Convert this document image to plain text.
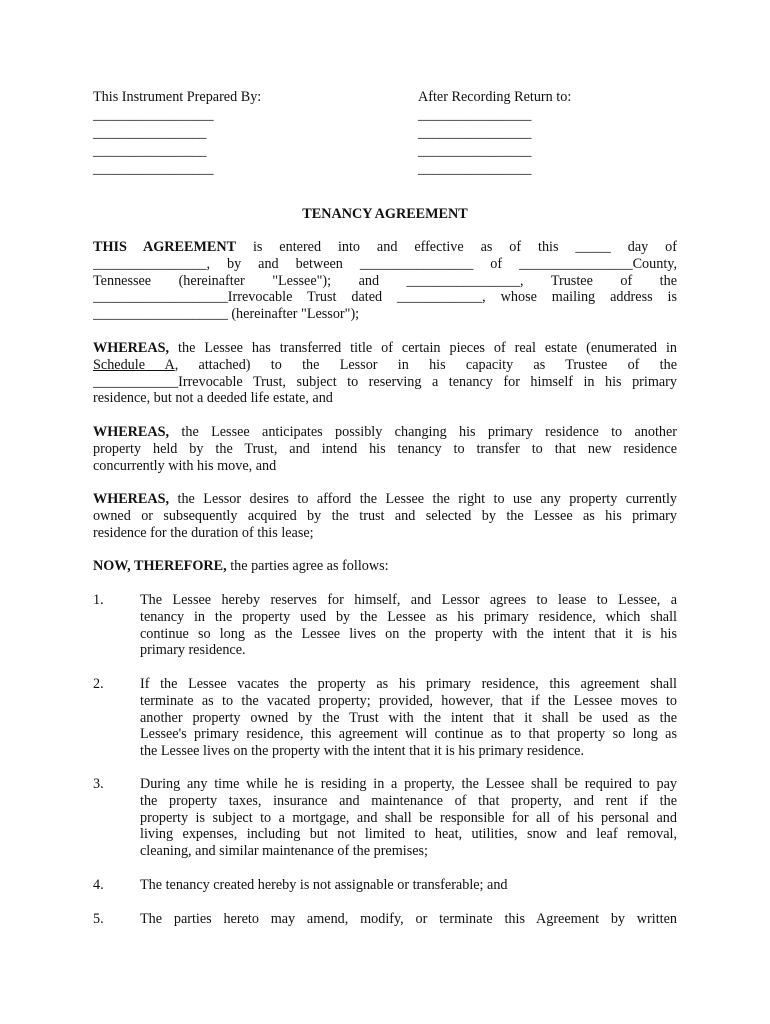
This Instrument Prepared By:
_________________
________________
________________
_________________
After Recording Return to:
________________
________________
________________
________________
TENANCY AGREEMENT
THIS AGREEMENT is entered into and effective as of this _____ day of
________________, by and between ________________ of ________________County,
Tennessee (hereinafter "Lessee"); and ________________, Trustee of the
___________________Irrevocable Trust dated ____________, whose mailing address is
___________________ (hereinafter "Lessor");
WHEREAS, the Lessee has transferred title of certain pieces of real estate (enumerated in
Schedule A, attached) to the Lessor in his capacity as Trustee of the
____________Irrevocable Trust, subject to reserving a tenancy for himself in his primary
residence, but not a deeded life estate, and
WHEREAS, the Lessee anticipates possibly changing his primary residence to another
property held by the Trust, and intend his tenancy to transfer to that new residence
concurrently with his move, and
WHEREAS, the Lessor desires to afford the Lessee the right to use any property currently
owned or subsequently acquired by the trust and selected by the Lessee as his primary
residence for the duration of this lease;
NOW, THEREFORE, the parties agree as follows:
1.	The Lessee hereby reserves for himself, and Lessor agrees to lease to Lessee, a
tenancy in the property used by the Lessee as his primary residence, which shall
continue so long as the Lessee lives on the property with the intent that it is his
primary residence.
2.	If the Lessee vacates the property as his primary residence, this agreement shall
terminate as to the vacated property; provided, however, that if the Lessee moves to
another property owned by the Trust with the intent that it shall be used as the
Lessee's primary residence, this agreement will continue as to that property so long as
the Lessee lives on the property with the intent that it is his primary residence.
3.	During any time while he is residing in a property, the Lessee shall be required to pay
the property taxes, insurance and maintenance of that property, and rent if the
property is subject to a mortgage, and shall be responsible for all of his personal and
living expenses, including but not limited to heat, utilities, snow and leaf removal,
cleaning, and similar maintenance of the premises;
4.	The tenancy created hereby is not assignable or transferable; and
5.	The parties hereto may amend, modify, or terminate this Agreement by written
